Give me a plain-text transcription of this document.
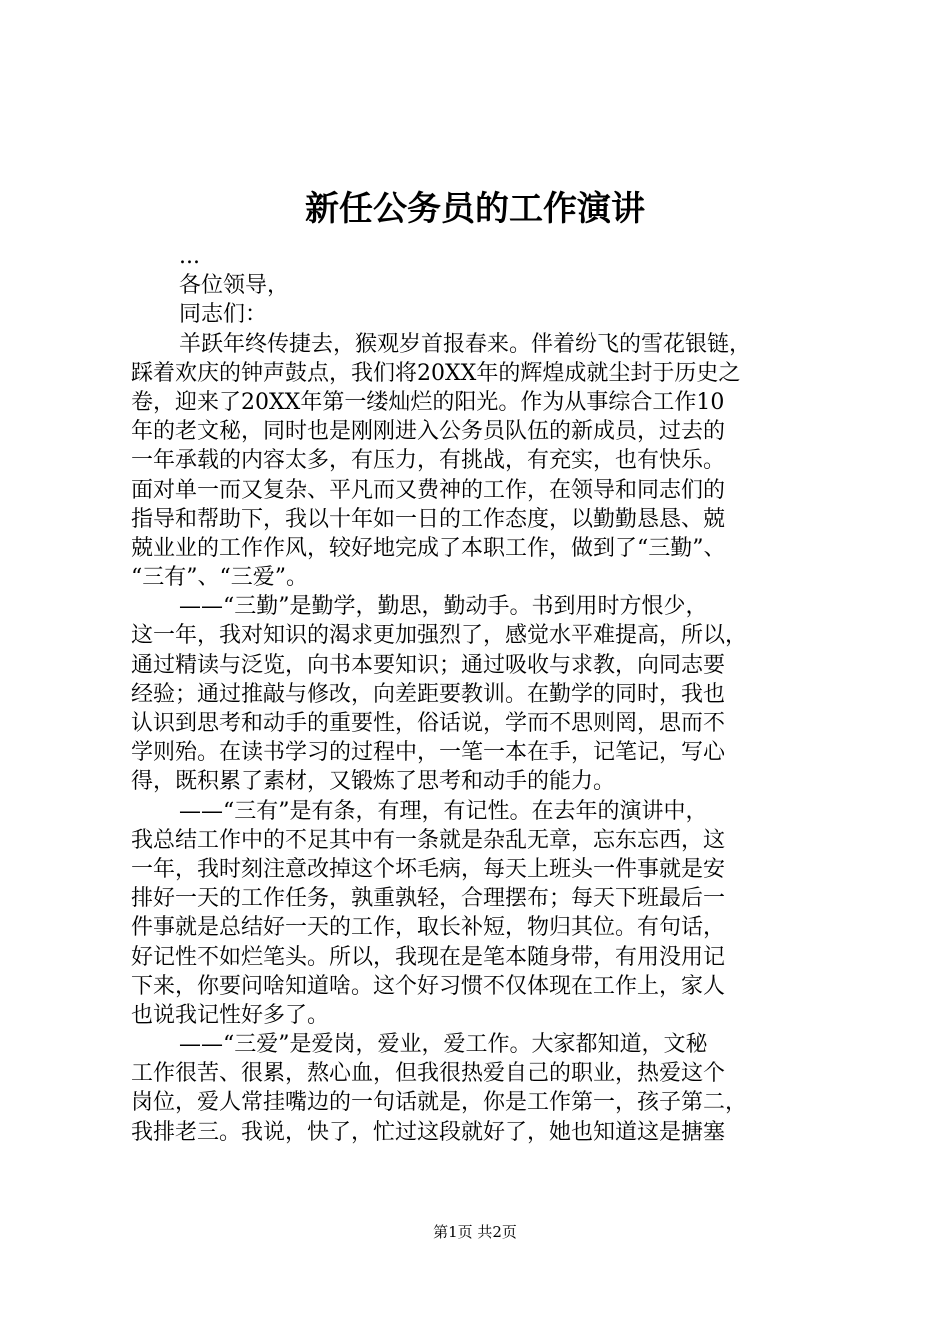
新任公务员的工作演讲
...
各位领导，
同志们：
羊跃年终传捷去，猴观岁首报春来。伴着纷飞的雪花银链，
踩着欢庆的钟声鼓点，我们将20XX年的辉煌成就尘封于历史之
卷，迎来了20XX年第一缕灿烂的阳光。作为从事综合工作10
年的老文秘，同时也是刚刚进入公务员队伍的新成员，过去的
一年承载的内容太多，有压力，有挑战，有充实，也有快乐。
面对单一而又复杂、平凡而又费神的工作，在领导和同志们的
指导和帮助下，我以十年如一日的工作态度，以勤勤恳恳、兢
兢业业的工作作风，较好地完成了本职工作，做到了“三勤”、
“三有”、“三爱”。
——“三勤”是勤学，勤思，勤动手。书到用时方恨少，
这一年，我对知识的渴求更加强烈了，感觉水平难提高，所以，
通过精读与泛览，向书本要知识；通过吸收与求教，向同志要
经验；通过推敲与修改，向差距要教训。在勤学的同时，我也
认识到思考和动手的重要性，俗话说，学而不思则罔，思而不
学则殆。在读书学习的过程中，一笔一本在手，记笔记，写心
得，既积累了素材，又锻炼了思考和动手的能力。
——“三有”是有条，有理，有记性。在去年的演讲中，
我总结工作中的不足其中有一条就是杂乱无章，忘东忘西，这
一年，我时刻注意改掉这个坏毛病，每天上班头一件事就是安
排好一天的工作任务，孰重孰轻，合理摆布；每天下班最后一
件事就是总结好一天的工作，取长补短，物归其位。有句话，
好记性不如烂笔头。所以，我现在是笔本随身带，有用没用记
下来，你要问啥知道啥。这个好习惯不仅体现在工作上，家人
也说我记性好多了。
——“三爱”是爱岗，爱业，爱工作。大家都知道，文秘
工作很苦、很累，熬心血，但我很热爱自己的职业，热爱这个
岗位，爱人常挂嘴边的一句话就是，你是工作第一，孩子第二，
我排老三。我说，快了，忙过这段就好了，她也知道这是搪塞
第1页 共2页
